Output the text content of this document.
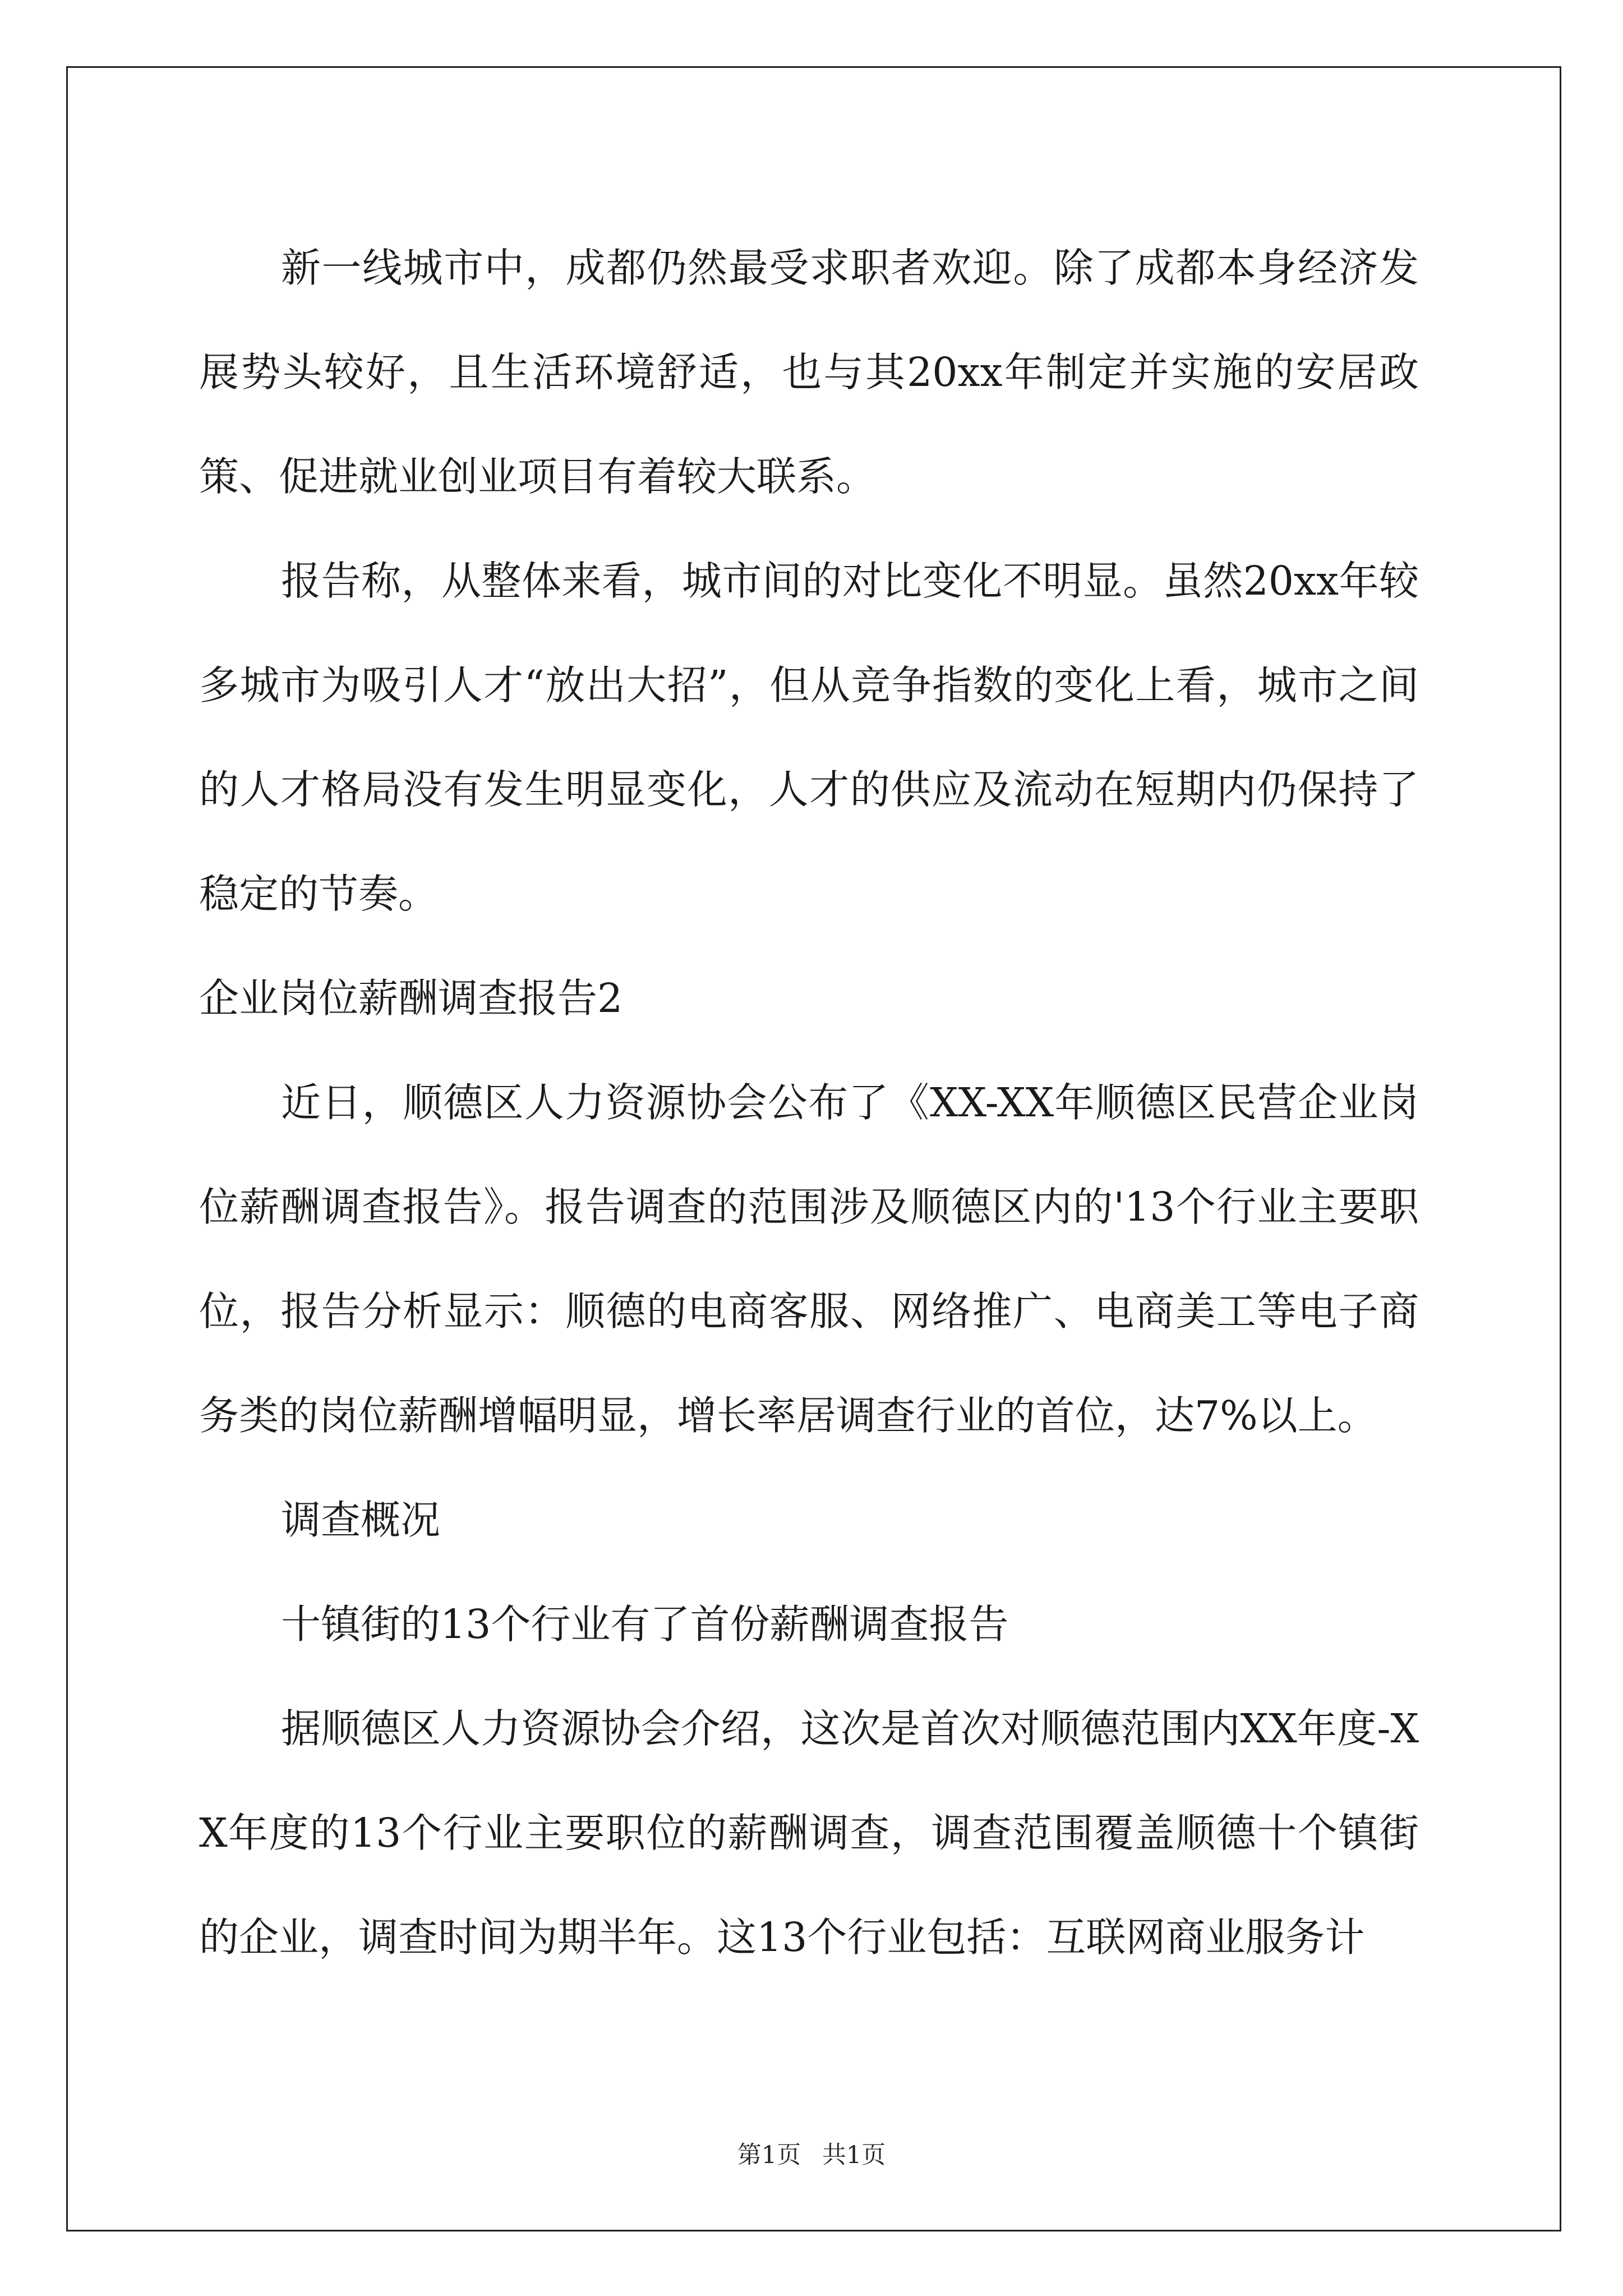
新一线城市中，成都仍然最受求职者欢迎。除了成都本身经济发展势头较好，且生活环境舒适，也与其20xx年制定并实施的安居政策、促进就业创业项目有着较大联系。

报告称，从整体来看，城市间的对比变化不明显。虽然20xx年较多城市为吸引人才“放出大招”，但从竞争指数的变化上看，城市之间的人才格局没有发生明显变化，人才的供应及流动在短期内仍保持了稳定的节奏。

企业岗位薪酬调查报告2

近日，顺德区人力资源协会公布了《XX-XX年顺德区民营企业岗位薪酬调查报告》。报告调查的范围涉及顺德区内的'13个行业主要职位，报告分析显示：顺德的电商客服、网络推广、电商美工等电子商务类的岗位薪酬增幅明显，增长率居调查行业的首位，达7%以上。

调查概况

十镇街的13个行业有了首份薪酬调查报告

据顺德区人力资源协会介绍，这次是首次对顺德范围内XX年度-XX年度的13个行业主要职位的薪酬调查，调查范围覆盖顺德十个镇街的企业，调查时间为期半年。这13个行业包括：互联网商业服务计

第1页 共1页
